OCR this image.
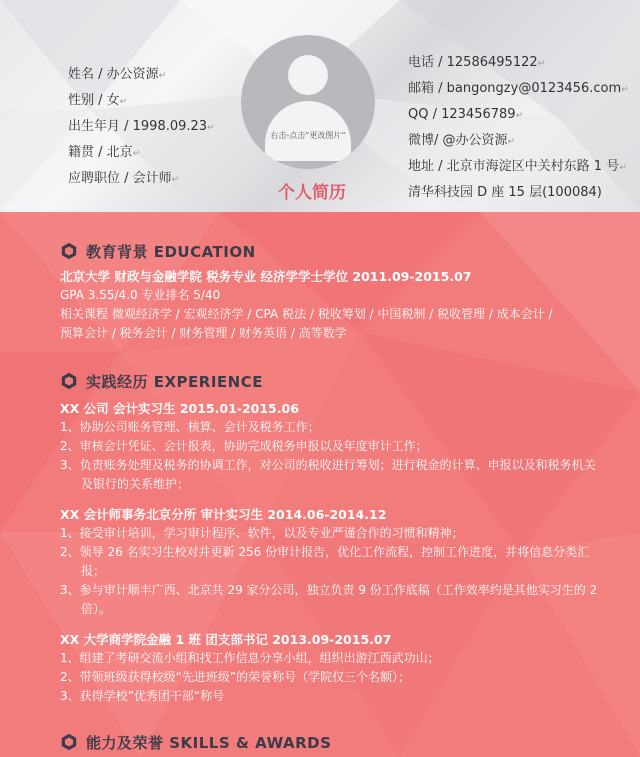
姓名 / 办公资源↵
性别 / 女↵
出生年月 / 1998.09.23↵
籍贯 / 北京↵
应聘职位 / 会计师↵
右击-点击“更改图片”
个人简历
电话 / 12586495122↵
邮箱 / bangongzy@0123456.com↵
QQ / 123456789↵
微博/ @办公资源↵
地址 / 北京市海淀区中关村东路 1 号↵
清华科技园 D 座 15 层(100084)
教育背景 EDUCATION
北京大学 财政与金融学院 税务专业 经济学学士学位 2011.09-2015.07
GPA 3.55/4.0 专业排名 5/40
相关课程 微观经济学 / 宏观经济学 / CPA 税法 / 税收筹划 / 中国税制 / 税收管理 / 成本会计 /
预算会计 / 税务会计 / 财务管理 / 财务英语 / 高等数学
实践经历 EXPERIENCE
XX 公司 会计实习生 2015.01-2015.06
1、协助公司账务管理、核算、会计及税务工作；
2、审核会计凭证、会计报表，协助完成税务申报以及年度审计工作；
3、负责账务处理及税务的协调工作，对公司的税收进行筹划；进行税金的计算、申报以及和税务机关
及银行的关系维护；
XX 会计师事务北京分所 审计实习生 2014.06-2014.12
1、接受审计培训，学习审计程序、软件，以及专业严谨合作的习惯和精神；
2、领导 26 名实习生校对并更新 256 份审计报告，优化工作流程，控制工作进度，并将信息分类汇
报；
3、参与审计顺丰广西、北京共 29 家分公司，独立负责 9 份工作底稿（工作效率约是其他实习生的 2
倍）。
XX 大学商学院金融 1 班 团支部书记 2013.09-2015.07
1、组建了考研交流小组和找工作信息分享小组，组织出游江西武功山；
2、带领班级获得校级“先进班级”的荣誉称号（学院仅三个名额）；
3、获得学校”优秀团干部“称号
能力及荣誉 SKILLS & AWARDS
